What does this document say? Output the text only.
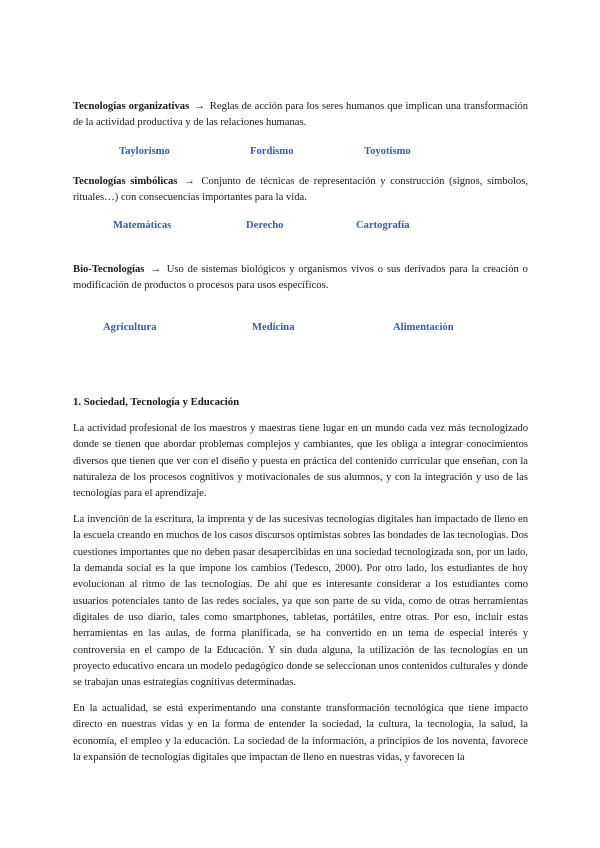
Tecnologías organizativas → Reglas de acción para los seres humanos que implican una transformación de la actividad productiva y de las relaciones humanas.
Taylorismo	Fordismo	Toyotismo
Tecnologías simbólicas → Conjunto de técnicas de representación y construcción (signos, símbolos, rituales…) con consecuencias importantes para la vida.
Matemáticas	Derecho	Cartografía
Bio-Tecnologías → Uso de sistemas biológicos y organismos vivos o sus derivados para la creación o modificación de productos o procesos para usos específicos.
Agricultura	Medicina	Alimentación
1. Sociedad, Tecnología y Educación

La actividad profesional de los maestros y maestras tiene lugar en un mundo cada vez más tecnologizado donde se tienen que abordar problemas complejos y cambiantes, que les obliga a integrar conocimientos diversos que tienen que ver con el diseño y puesta en práctica del contenido curricular que enseñan, con la naturaleza de los procesos cognitivos y motivacionales de sus alumnos, y con la integración y uso de las tecnologías para el aprendizaje.

La invención de la escritura, la imprenta y de las sucesivas tecnologías digitales han impactado de lleno en la escuela creando en muchos de los casos discursos optimistas sobres las bondades de las tecnologías. Dos cuestiones importantes que no deben pasar desapercibidas en una sociedad tecnologizada son, por un lado, la demanda social es la que impone los cambios (Tedesco, 2000). Por otro lado, los estudiantes de hoy evolucionan al ritmo de las tecnologías. De ahí que es interesante considerar a los estudiantes como usuarios potenciales tanto de las redes sociales, ya que son parte de su vida, como de otras herramientas digitales de uso diario, tales como smartphones, tabletas, portátiles, entre otras. Por eso, incluir estas herramientas en las aulas, de forma planificada, se ha convertido en un tema de especial interés y controversia en el campo de la Educación. Y sin duda alguna, la utilización de las tecnologías en un proyecto educativo encara un modelo pedagógico donde se seleccionan unos contenidos culturales y donde se trabajan unas estrategias cognitivas determinadas.

En la actualidad, se está experimentando una constante transformación tecnológica que tiene impacto directo en nuestras vidas y en la forma de entender la sociedad, la cultura, la tecnología, la salud, la economía, el empleo y la educación. La sociedad de la información, a principios de los noventa, favorece la expansión de tecnologías digitales que impactan de lleno en nuestras vidas, y favorecen la
